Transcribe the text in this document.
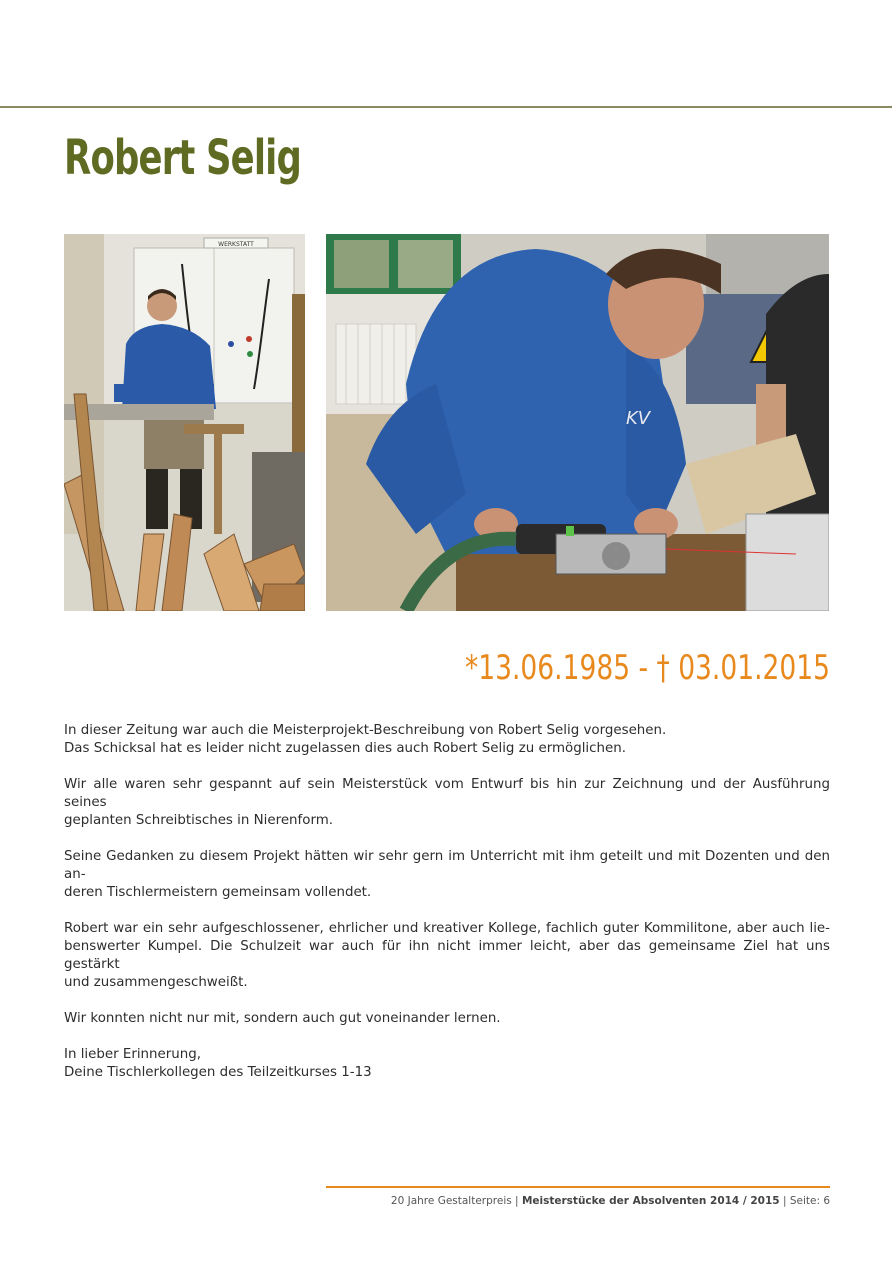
Robert Selig
WERKSTATT
KV
*13.06.1985 - † 03.01.2015

In dieser Zeitung war auch die Meisterprojekt-Beschreibung von Robert Selig vorgesehen.
Das Schicksal hat es leider nicht zugelassen dies auch Robert Selig zu ermöglichen.

Wir alle waren sehr gespannt auf sein Meisterstück vom Entwurf bis hin zur Zeichnung und der Ausführung seines
geplanten Schreibtisches in Nierenform.

Seine Gedanken zu diesem Projekt hätten wir sehr gern im Unterricht mit ihm geteilt und mit Dozenten und den an-
deren Tischlermeistern gemeinsam vollendet.

Robert war ein sehr aufgeschlossener, ehrlicher und kreativer Kollege, fachlich guter Kommilitone, aber auch lie-
benswerter Kumpel. Die Schulzeit war auch für ihn nicht immer leicht, aber das gemeinsame Ziel hat uns gestärkt
und zusammengeschweißt.

Wir konnten nicht nur mit, sondern auch gut voneinander lernen.

In lieber Erinnerung,
Deine Tischlerkollegen des Teilzeitkurses 1-13

20 Jahre Gestalterpreis | Meisterstücke der Absolventen 2014 / 2015 | Seite: 6
